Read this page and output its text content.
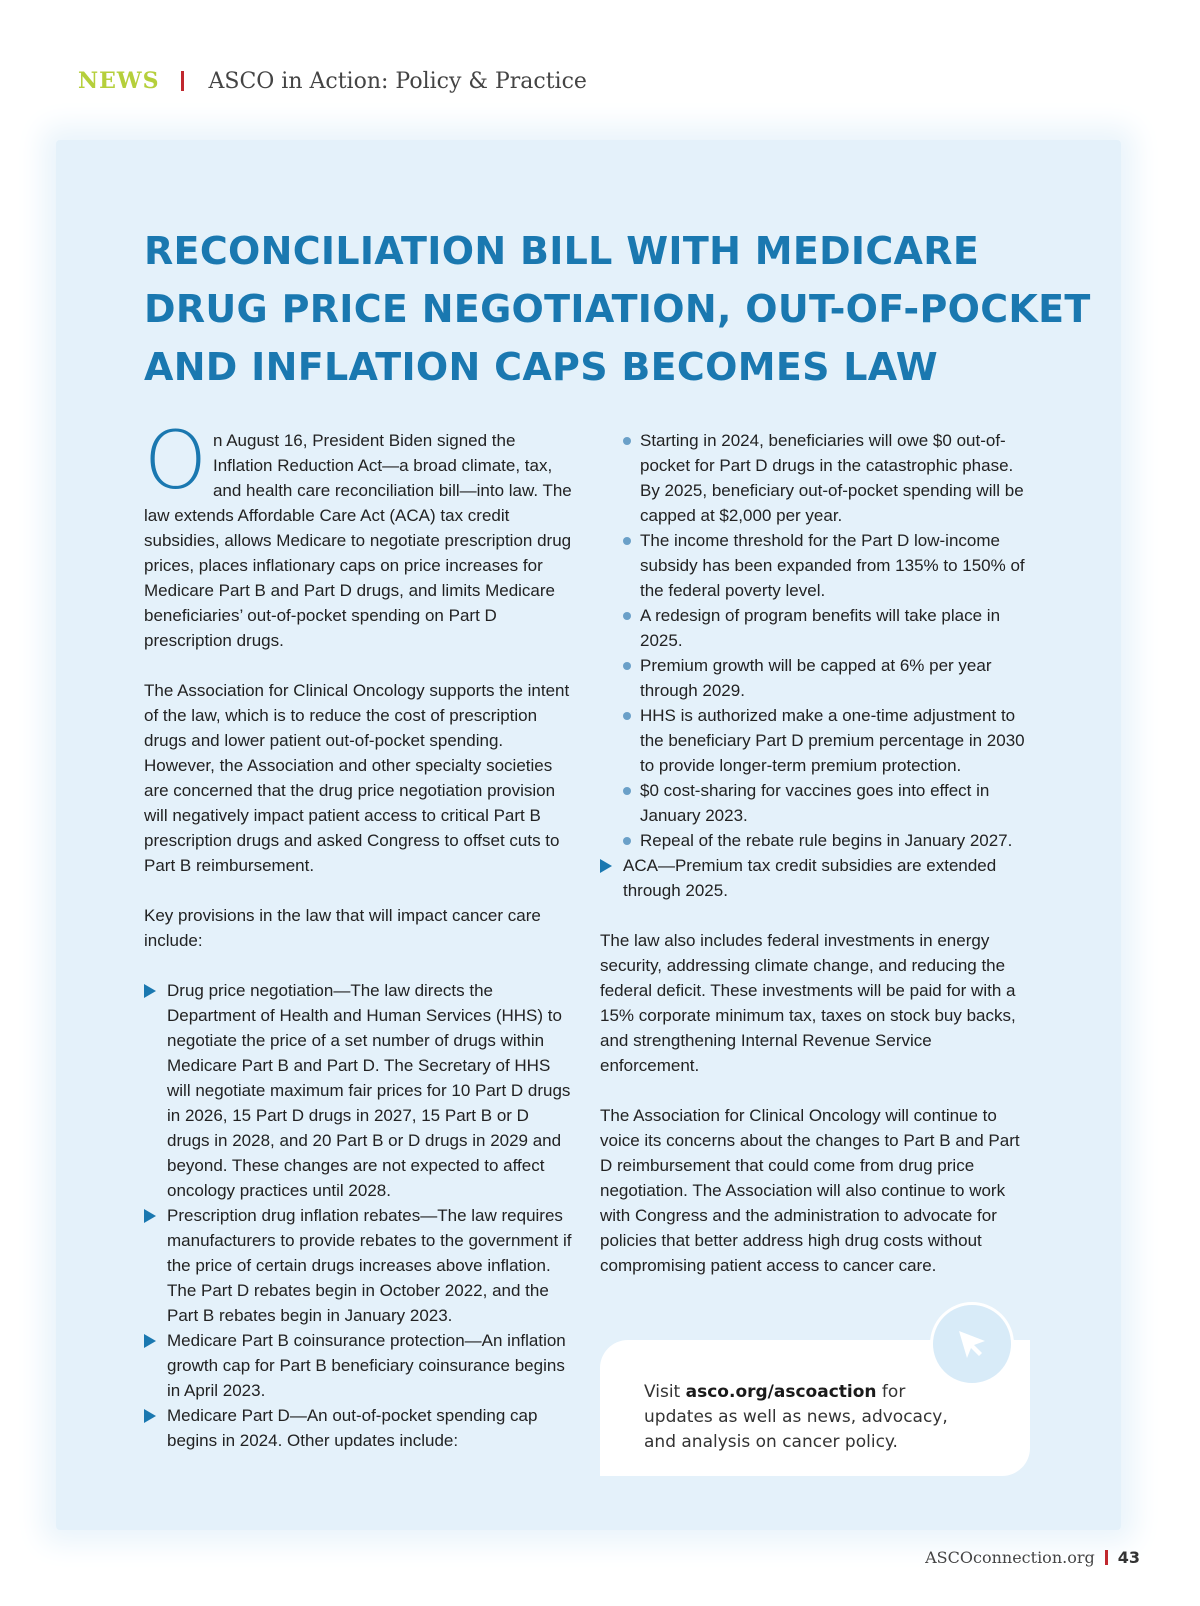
NEWS ASCO in Action: Policy & Practice
RECONCILIATION BILL WITH MEDICARE DRUG PRICE NEGOTIATION, OUT-OF-POCKET AND INFLATION CAPS BECOMES LAW

On August 16, President Biden signed the Inflation Reduction Act—a broad climate, tax, and health care reconciliation bill—into law. The law extends Affordable Care Act (ACA) tax credit subsidies, allows Medicare to negotiate prescription drug prices, places inflationary caps on price increases for Medicare Part B and Part D drugs, and limits Medicare beneficiaries’ out-of-pocket spending on Part D prescription drugs.

The Association for Clinical Oncology supports the intent of the law, which is to reduce the cost of prescription drugs and lower patient out-of-pocket spending. However, the Association and other specialty societies are concerned that the drug price negotiation provision will negatively impact patient access to critical Part B prescription drugs and asked Congress to offset cuts to Part B reimbursement.

Key provisions in the law that will impact cancer care include:

Drug price negotiation—The law directs the Department of Health and Human Services (HHS) to negotiate the price of a set number of drugs within Medicare Part B and Part D. The Secretary of HHS will negotiate maximum fair prices for 10 Part D drugs in 2026, 15 Part D drugs in 2027, 15 Part B or D drugs in 2028, and 20 Part B or D drugs in 2029 and beyond. These changes are not expected to affect oncology practices until 2028.
Prescription drug inflation rebates—The law requires manufacturers to provide rebates to the government if the price of certain drugs increases above inflation. The Part D rebates begin in October 2022, and the Part B rebates begin in January 2023.
Medicare Part B coinsurance protection—An inflation growth cap for Part B beneficiary coinsurance begins in April 2023.
Medicare Part D—An out-of-pocket spending cap begins in 2024. Other updates include:
Starting in 2024, beneficiaries will owe $0 out-of-pocket for Part D drugs in the catastrophic phase. By 2025, beneficiary out-of-pocket spending will be capped at $2,000 per year.
The income threshold for the Part D low-income subsidy has been expanded from 135% to 150% of the federal poverty level.
A redesign of program benefits will take place in 2025.
Premium growth will be capped at 6% per year through 2029.
HHS is authorized make a one-time adjustment to the beneficiary Part D premium percentage in 2030 to provide longer-term premium protection.
$0 cost-sharing for vaccines goes into effect in January 2023.
Repeal of the rebate rule begins in January 2027.
ACA—Premium tax credit subsidies are extended through 2025.

The law also includes federal investments in energy security, addressing climate change, and reducing the federal deficit. These investments will be paid for with a 15% corporate minimum tax, taxes on stock buy backs, and strengthening Internal Revenue Service enforcement.

The Association for Clinical Oncology will continue to voice its concerns about the changes to Part B and Part D reimbursement that could come from drug price negotiation. The Association will also continue to work with Congress and the administration to advocate for policies that better address high drug costs without compromising patient access to cancer care.

Visit asco.org/ascoaction for updates as well as news, advocacy, and analysis on cancer policy.

ASCOconnection.org 43
